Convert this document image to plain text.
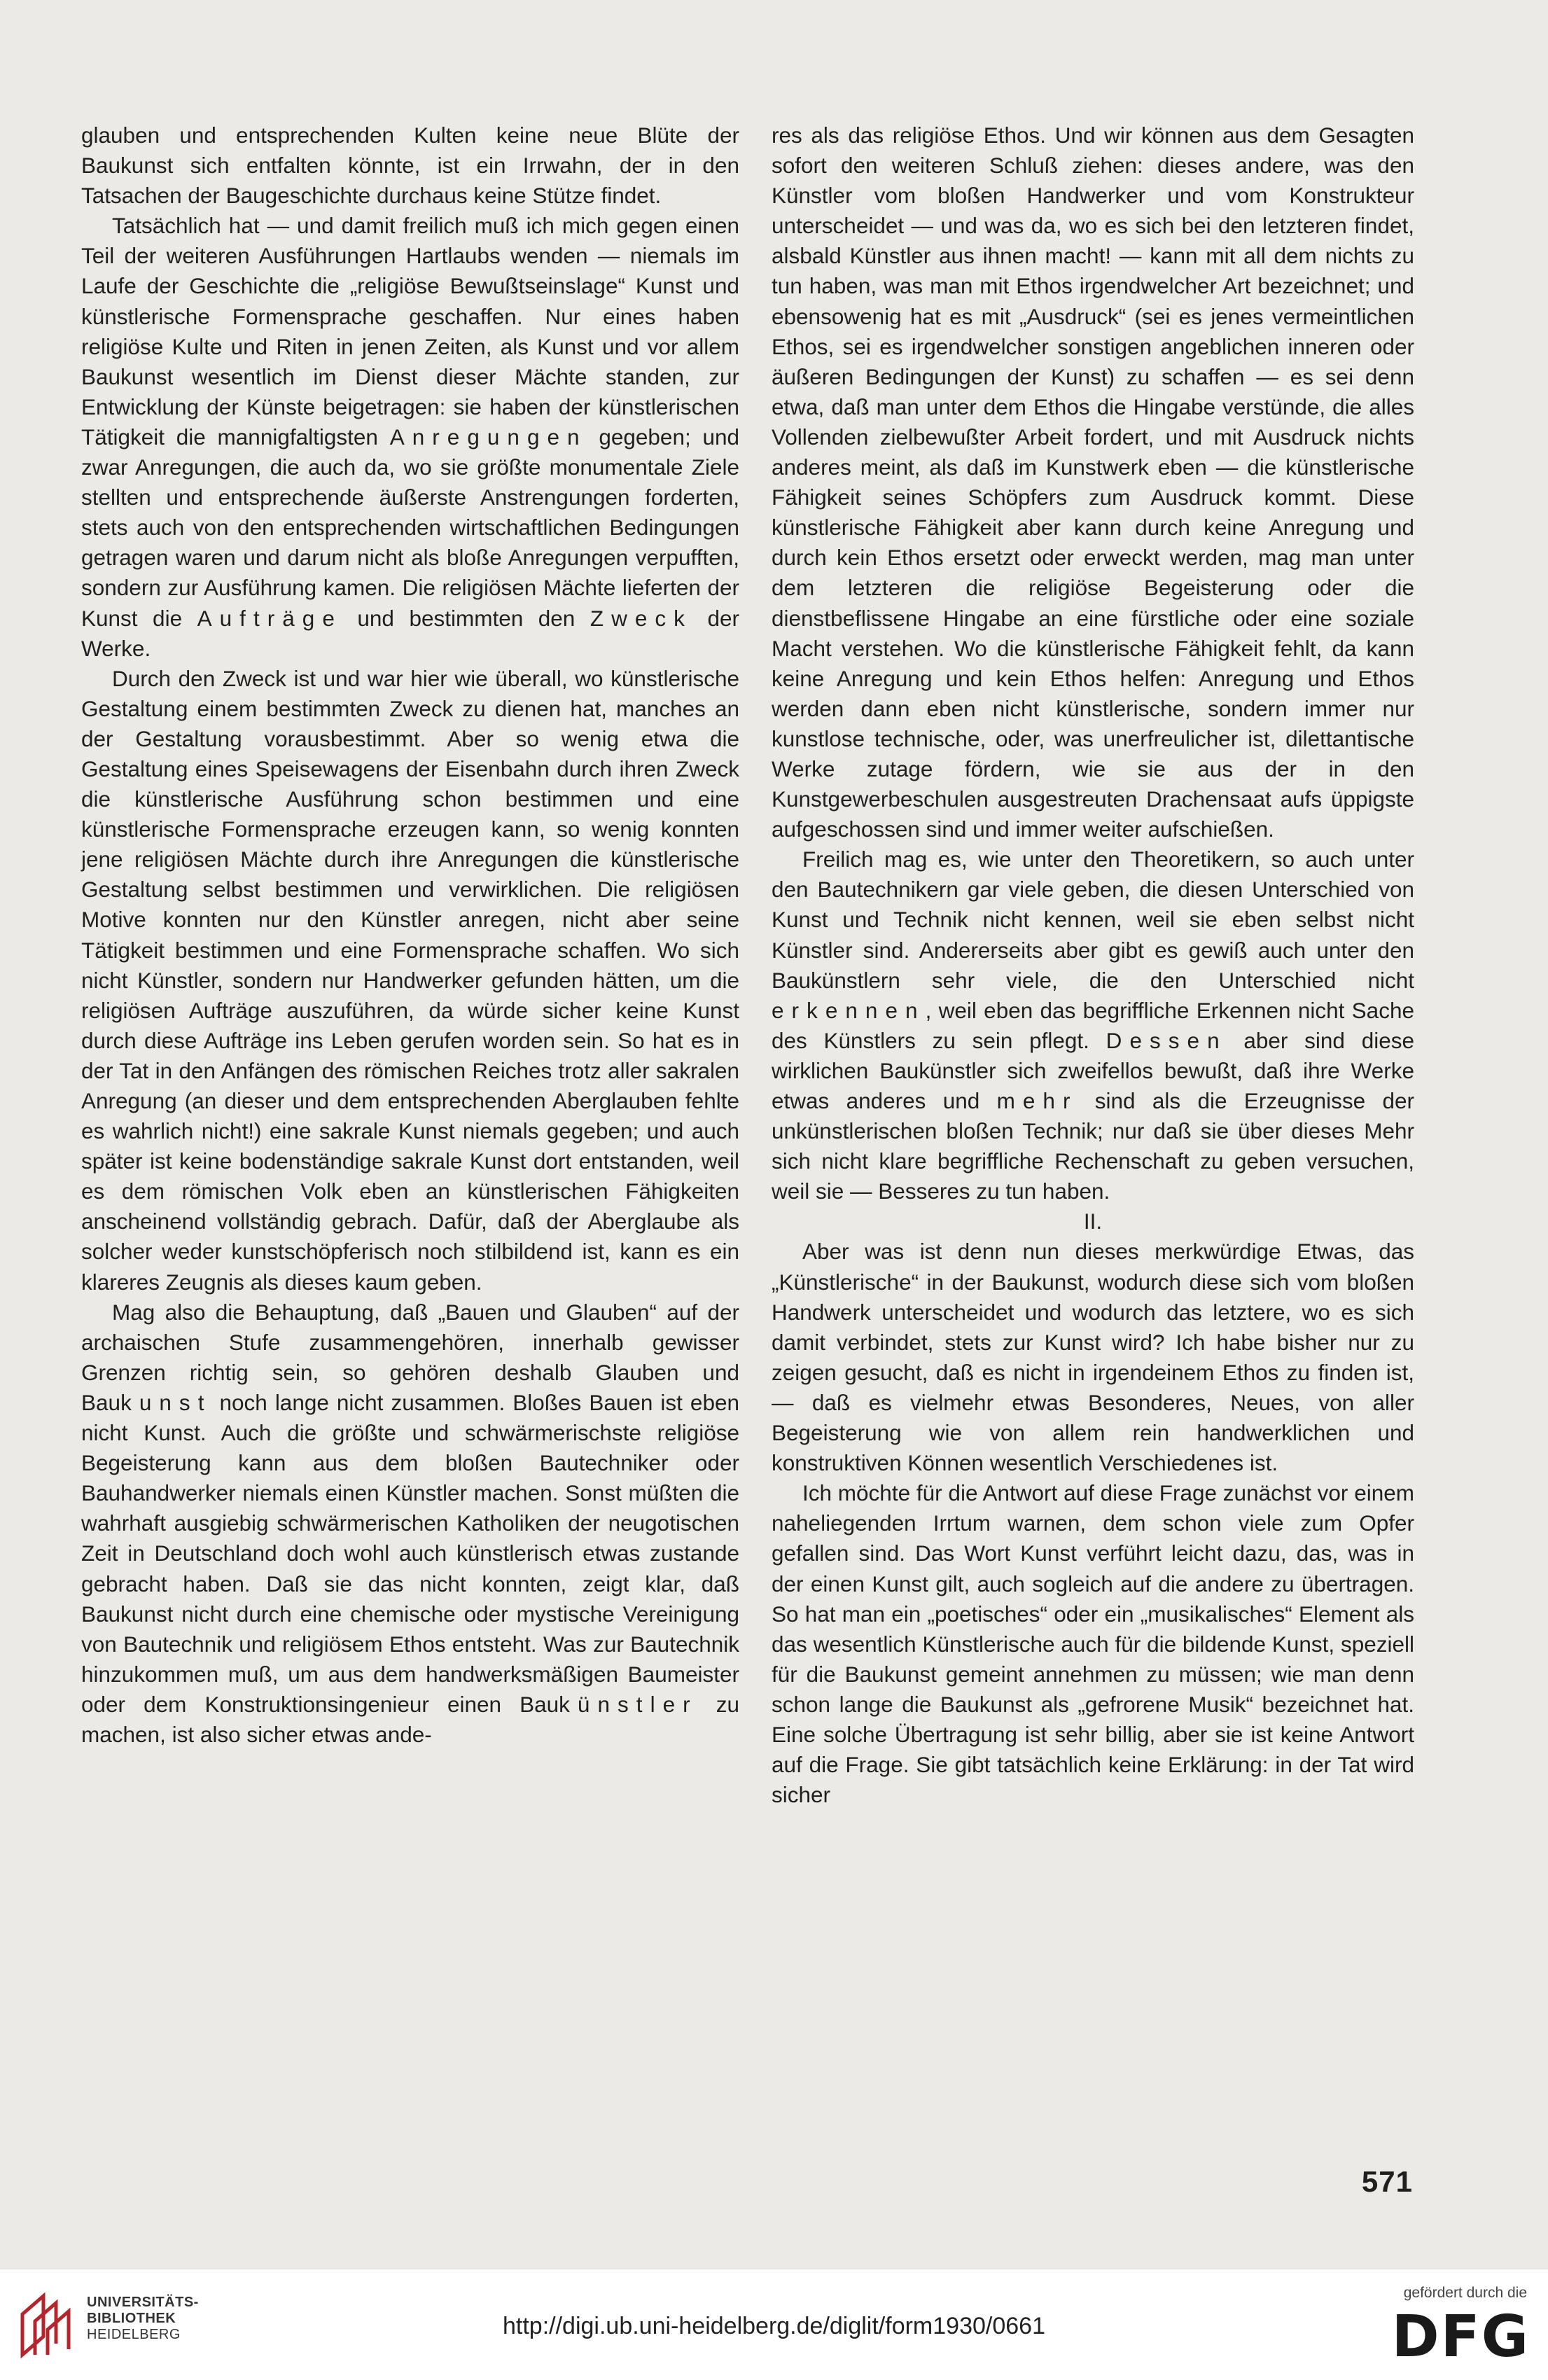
glauben und entsprechenden Kulten keine neue Blüte der Baukunst sich entfalten könnte, ist ein Irrwahn, der in den Tatsachen der Baugeschichte durchaus keine Stütze findet.

Tatsächlich hat — und damit freilich muß ich mich gegen einen Teil der weiteren Ausführungen Hartlaubs wenden — niemals im Laufe der Geschichte die „religiöse Bewußtseinslage“ Kunst und künstlerische Formensprache geschaffen. Nur eines haben religiöse Kulte und Riten in jenen Zeiten, als Kunst und vor allem Baukunst wesentlich im Dienst dieser Mächte standen, zur Entwicklung der Künste beigetragen: sie haben der künstlerischen Tätigkeit die mannigfaltigsten Anregungen gegeben; und zwar Anregungen, die auch da, wo sie größte monumentale Ziele stellten und entsprechende äußerste Anstrengungen forderten, stets auch von den entsprechenden wirtschaftlichen Bedingungen getragen waren und darum nicht als bloße Anregungen verpufften, sondern zur Ausführung kamen. Die religiösen Mächte lieferten der Kunst die Aufträge und bestimmten den Zweck der Werke.

Durch den Zweck ist und war hier wie überall, wo künstlerische Gestaltung einem bestimmten Zweck zu dienen hat, manches an der Gestaltung vorausbestimmt. Aber so wenig etwa die Gestaltung eines Speisewagens der Eisenbahn durch ihren Zweck die künstlerische Ausführung schon bestimmen und eine künstlerische Formensprache erzeugen kann, so wenig konnten jene religiösen Mächte durch ihre Anregungen die künstlerische Gestaltung selbst bestimmen und verwirklichen. Die religiösen Motive konnten nur den Künstler anregen, nicht aber seine Tätigkeit bestimmen und eine Formensprache schaffen. Wo sich nicht Künstler, sondern nur Handwerker gefunden hätten, um die religiösen Aufträge auszuführen, da würde sicher keine Kunst durch diese Aufträge ins Leben gerufen worden sein. So hat es in der Tat in den Anfängen des römischen Reiches trotz aller sakralen Anregung (an dieser und dem entsprechenden Aberglauben fehlte es wahrlich nicht!) eine sakrale Kunst niemals gegeben; und auch später ist keine bodenständige sakrale Kunst dort entstanden, weil es dem römischen Volk eben an künstlerischen Fähigkeiten anscheinend vollständig gebrach. Dafür, daß der Aberglaube als solcher weder kunstschöpferisch noch stilbildend ist, kann es ein klareres Zeugnis als dieses kaum geben.

Mag also die Behauptung, daß „Bauen und Glauben“ auf der archaischen Stufe zusammengehören, innerhalb gewisser Grenzen richtig sein, so gehören deshalb Glauben und Baukunst noch lange nicht zusammen. Bloßes Bauen ist eben nicht Kunst. Auch die größte und schwärmerischste religiöse Begeisterung kann aus dem bloßen Bautechniker oder Bauhandwerker niemals einen Künstler machen. Sonst müßten die wahrhaft ausgiebig schwärmerischen Katholiken der neugotischen Zeit in Deutschland doch wohl auch künstlerisch etwas zustande gebracht haben. Daß sie das nicht konnten, zeigt klar, daß Baukunst nicht durch eine chemische oder mystische Vereinigung von Bautechnik und religiösem Ethos entsteht. Was zur Bautechnik hinzukommen muß, um aus dem handwerksmäßigen Baumeister oder dem Konstruktionsingenieur einen Baukünstler zu machen, ist also sicher etwas ande-

res als das religiöse Ethos. Und wir können aus dem Gesagten sofort den weiteren Schluß ziehen: dieses andere, was den Künstler vom bloßen Handwerker und vom Konstrukteur unterscheidet — und was da, wo es sich bei den letzteren findet, alsbald Künstler aus ihnen macht! — kann mit all dem nichts zu tun haben, was man mit Ethos irgendwelcher Art bezeichnet; und ebensowenig hat es mit „Ausdruck“ (sei es jenes vermeintlichen Ethos, sei es irgendwelcher sonstigen angeblichen inneren oder äußeren Bedingungen der Kunst) zu schaffen — es sei denn etwa, daß man unter dem Ethos die Hingabe verstünde, die alles Vollenden zielbewußter Arbeit fordert, und mit Ausdruck nichts anderes meint, als daß im Kunstwerk eben — die künstlerische Fähigkeit seines Schöpfers zum Ausdruck kommt. Diese künstlerische Fähigkeit aber kann durch keine Anregung und durch kein Ethos ersetzt oder erweckt werden, mag man unter dem letzteren die religiöse Begeisterung oder die dienstbeflissene Hingabe an eine fürstliche oder eine soziale Macht verstehen. Wo die künstlerische Fähigkeit fehlt, da kann keine Anregung und kein Ethos helfen: Anregung und Ethos werden dann eben nicht künstlerische, sondern immer nur kunstlose technische, oder, was unerfreulicher ist, dilettantische Werke zutage fördern, wie sie aus der in den Kunstgewerbeschulen ausgestreuten Drachensaat aufs üppigste aufgeschossen sind und immer weiter aufschießen.

Freilich mag es, wie unter den Theoretikern, so auch unter den Bautechnikern gar viele geben, die diesen Unterschied von Kunst und Technik nicht kennen, weil sie eben selbst nicht Künstler sind. Andererseits aber gibt es gewiß auch unter den Baukünstlern sehr viele, die den Unterschied nicht erkennen, weil eben das begriffliche Erkennen nicht Sache des Künstlers zu sein pflegt. Dessen aber sind diese wirklichen Baukünstler sich zweifellos bewußt, daß ihre Werke etwas anderes und mehr sind als die Erzeugnisse der unkünstlerischen bloßen Technik; nur daß sie über dieses Mehr sich nicht klare begriffliche Rechenschaft zu geben versuchen, weil sie — Besseres zu tun haben.

II.

Aber was ist denn nun dieses merkwürdige Etwas, das „Künstlerische“ in der Baukunst, wodurch diese sich vom bloßen Handwerk unterscheidet und wodurch das letztere, wo es sich damit verbindet, stets zur Kunst wird? Ich habe bisher nur zu zeigen gesucht, daß es nicht in irgendeinem Ethos zu finden ist, — daß es vielmehr etwas Besonderes, Neues, von aller Begeisterung wie von allem rein handwerklichen und konstruktiven Können wesentlich Verschiedenes ist.

Ich möchte für die Antwort auf diese Frage zunächst vor einem naheliegenden Irrtum warnen, dem schon viele zum Opfer gefallen sind. Das Wort Kunst verführt leicht dazu, das, was in der einen Kunst gilt, auch sogleich auf die andere zu übertragen. So hat man ein „poetisches“ oder ein „musikalisches“ Element als das wesentlich Künstlerische auch für die bildende Kunst, speziell für die Baukunst gemeint annehmen zu müssen; wie man denn schon lange die Baukunst als „gefrorene Musik“ bezeichnet hat. Eine solche Übertragung ist sehr billig, aber sie ist keine Antwort auf die Frage. Sie gibt tatsächlich keine Erklärung: in der Tat wird sicher

571
UNIVERSITÄTS-
BIBLIOTHEK
HEIDELBERG	http://digi.ub.uni-heidelberg.de/diglit/form1930/0661
gefördert durch die
DFG
